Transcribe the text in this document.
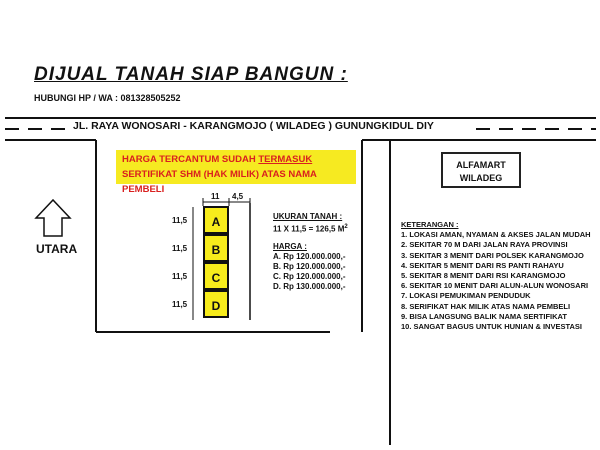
DIJUAL TANAH SIAP BANGUN :
HUBUNGI HP / WA : 081328505252
JL. RAYA WONOSARI - KARANGMOJO ( WILADEG ) GUNUNGKIDUL DIY
HARGA TERCANTUM SUDAH TERMASUK
SERTIFIKAT SHM (HAK MILIK) ATAS NAMA PEMBELI
ALFAMART
WILADEG
UTARA
11 4,5
A
B
C
D
11,5
11,5
11,5
11,5
UKURAN TANAH :
11 X 11,5 = 126,5 $M^2$
HARGA :
A. Rp 120.000.000,-
B. Rp 120.000.000,-
C. Rp 120.000.000,-
D. Rp 130.000.000,-
KETERANGAN :
1. LOKASI AMAN, NYAMAN & AKSES JALAN MUDAH
2. SEKITAR 70 M DARI JALAN RAYA PROVINSI
3. SEKITAR 3 MENIT DARI POLSEK KARANGMOJO
4. SEKITAR 5 MENIT DARI RS PANTI RAHAYU
5. SEKITAR 8 MENIT DARI RSI KARANGMOJO
6. SEKITAR 10 MENIT DARI ALUN-ALUN WONOSARI
7. LOKASI PEMUKIMAN PENDUDUK
8. SERIFIKAT HAK MILIK ATAS NAMA PEMBELI
9. BISA LANGSUNG BALIK NAMA SERTIFIKAT
10. SANGAT BAGUS UNTUK HUNIAN & INVESTASI
